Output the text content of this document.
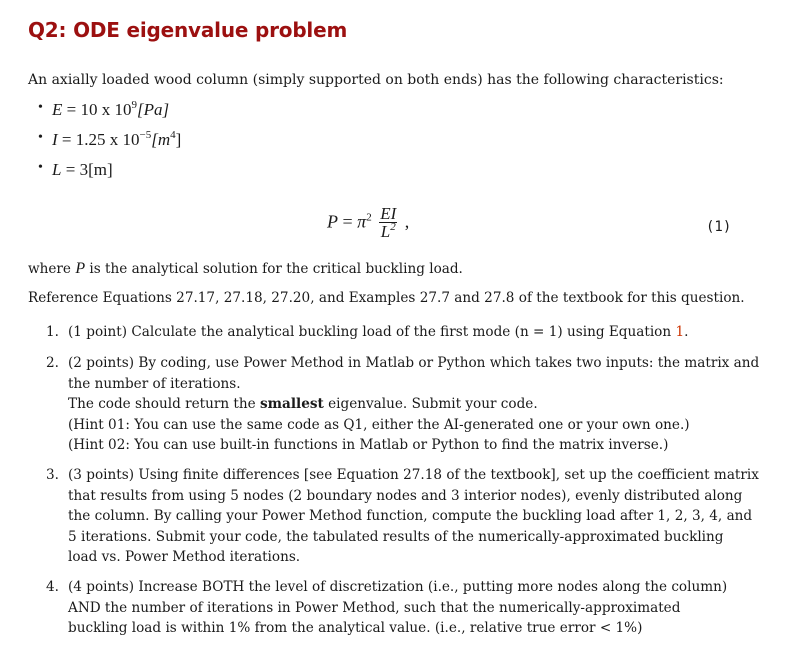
Q2: ODE eigenvalue problem
An axially loaded wood column (simply supported on both ends) has the following characteristics:
• E = 10 x $10^9[Pa]$
• I = 1.25 x $10^{-5}[m^4]$
• L = 3[m]
$P = \pi^2 \frac{EI}{L^2}$ ,	(1)
where P is the analytical solution for the critical buckling load.
Reference Equations 27.17, 27.18, 27.20, and Examples 27.7 and 27.8 of the textbook for this question.
1. (1 point) Calculate the analytical buckling load of the first mode (n = 1) using Equation 1.
2. (2 points) By coding, use Power Method in Matlab or Python which takes two inputs: the matrix and
the number of iterations.
The code should return the smallest eigenvalue. Submit your code.
(Hint 01: You can use the same code as Q1, either the AI-generated one or your own one.)
(Hint 02: You can use built-in functions in Matlab or Python to find the matrix inverse.)
3. (3 points) Using finite differences [see Equation 27.18 of the textbook], set up the coefficient matrix
that results from using 5 nodes (2 boundary nodes and 3 interior nodes), evenly distributed along
the column. By calling your Power Method function, compute the buckling load after 1, 2, 3, 4, and
5 iterations. Submit your code, the tabulated results of the numerically-approximated buckling
load vs. Power Method iterations.
4. (4 points) Increase BOTH the level of discretization (i.e., putting more nodes along the column)
AND the number of iterations in Power Method, such that the numerically-approximated
buckling load is within 1% from the analytical value. (i.e., relative true error < 1%)
